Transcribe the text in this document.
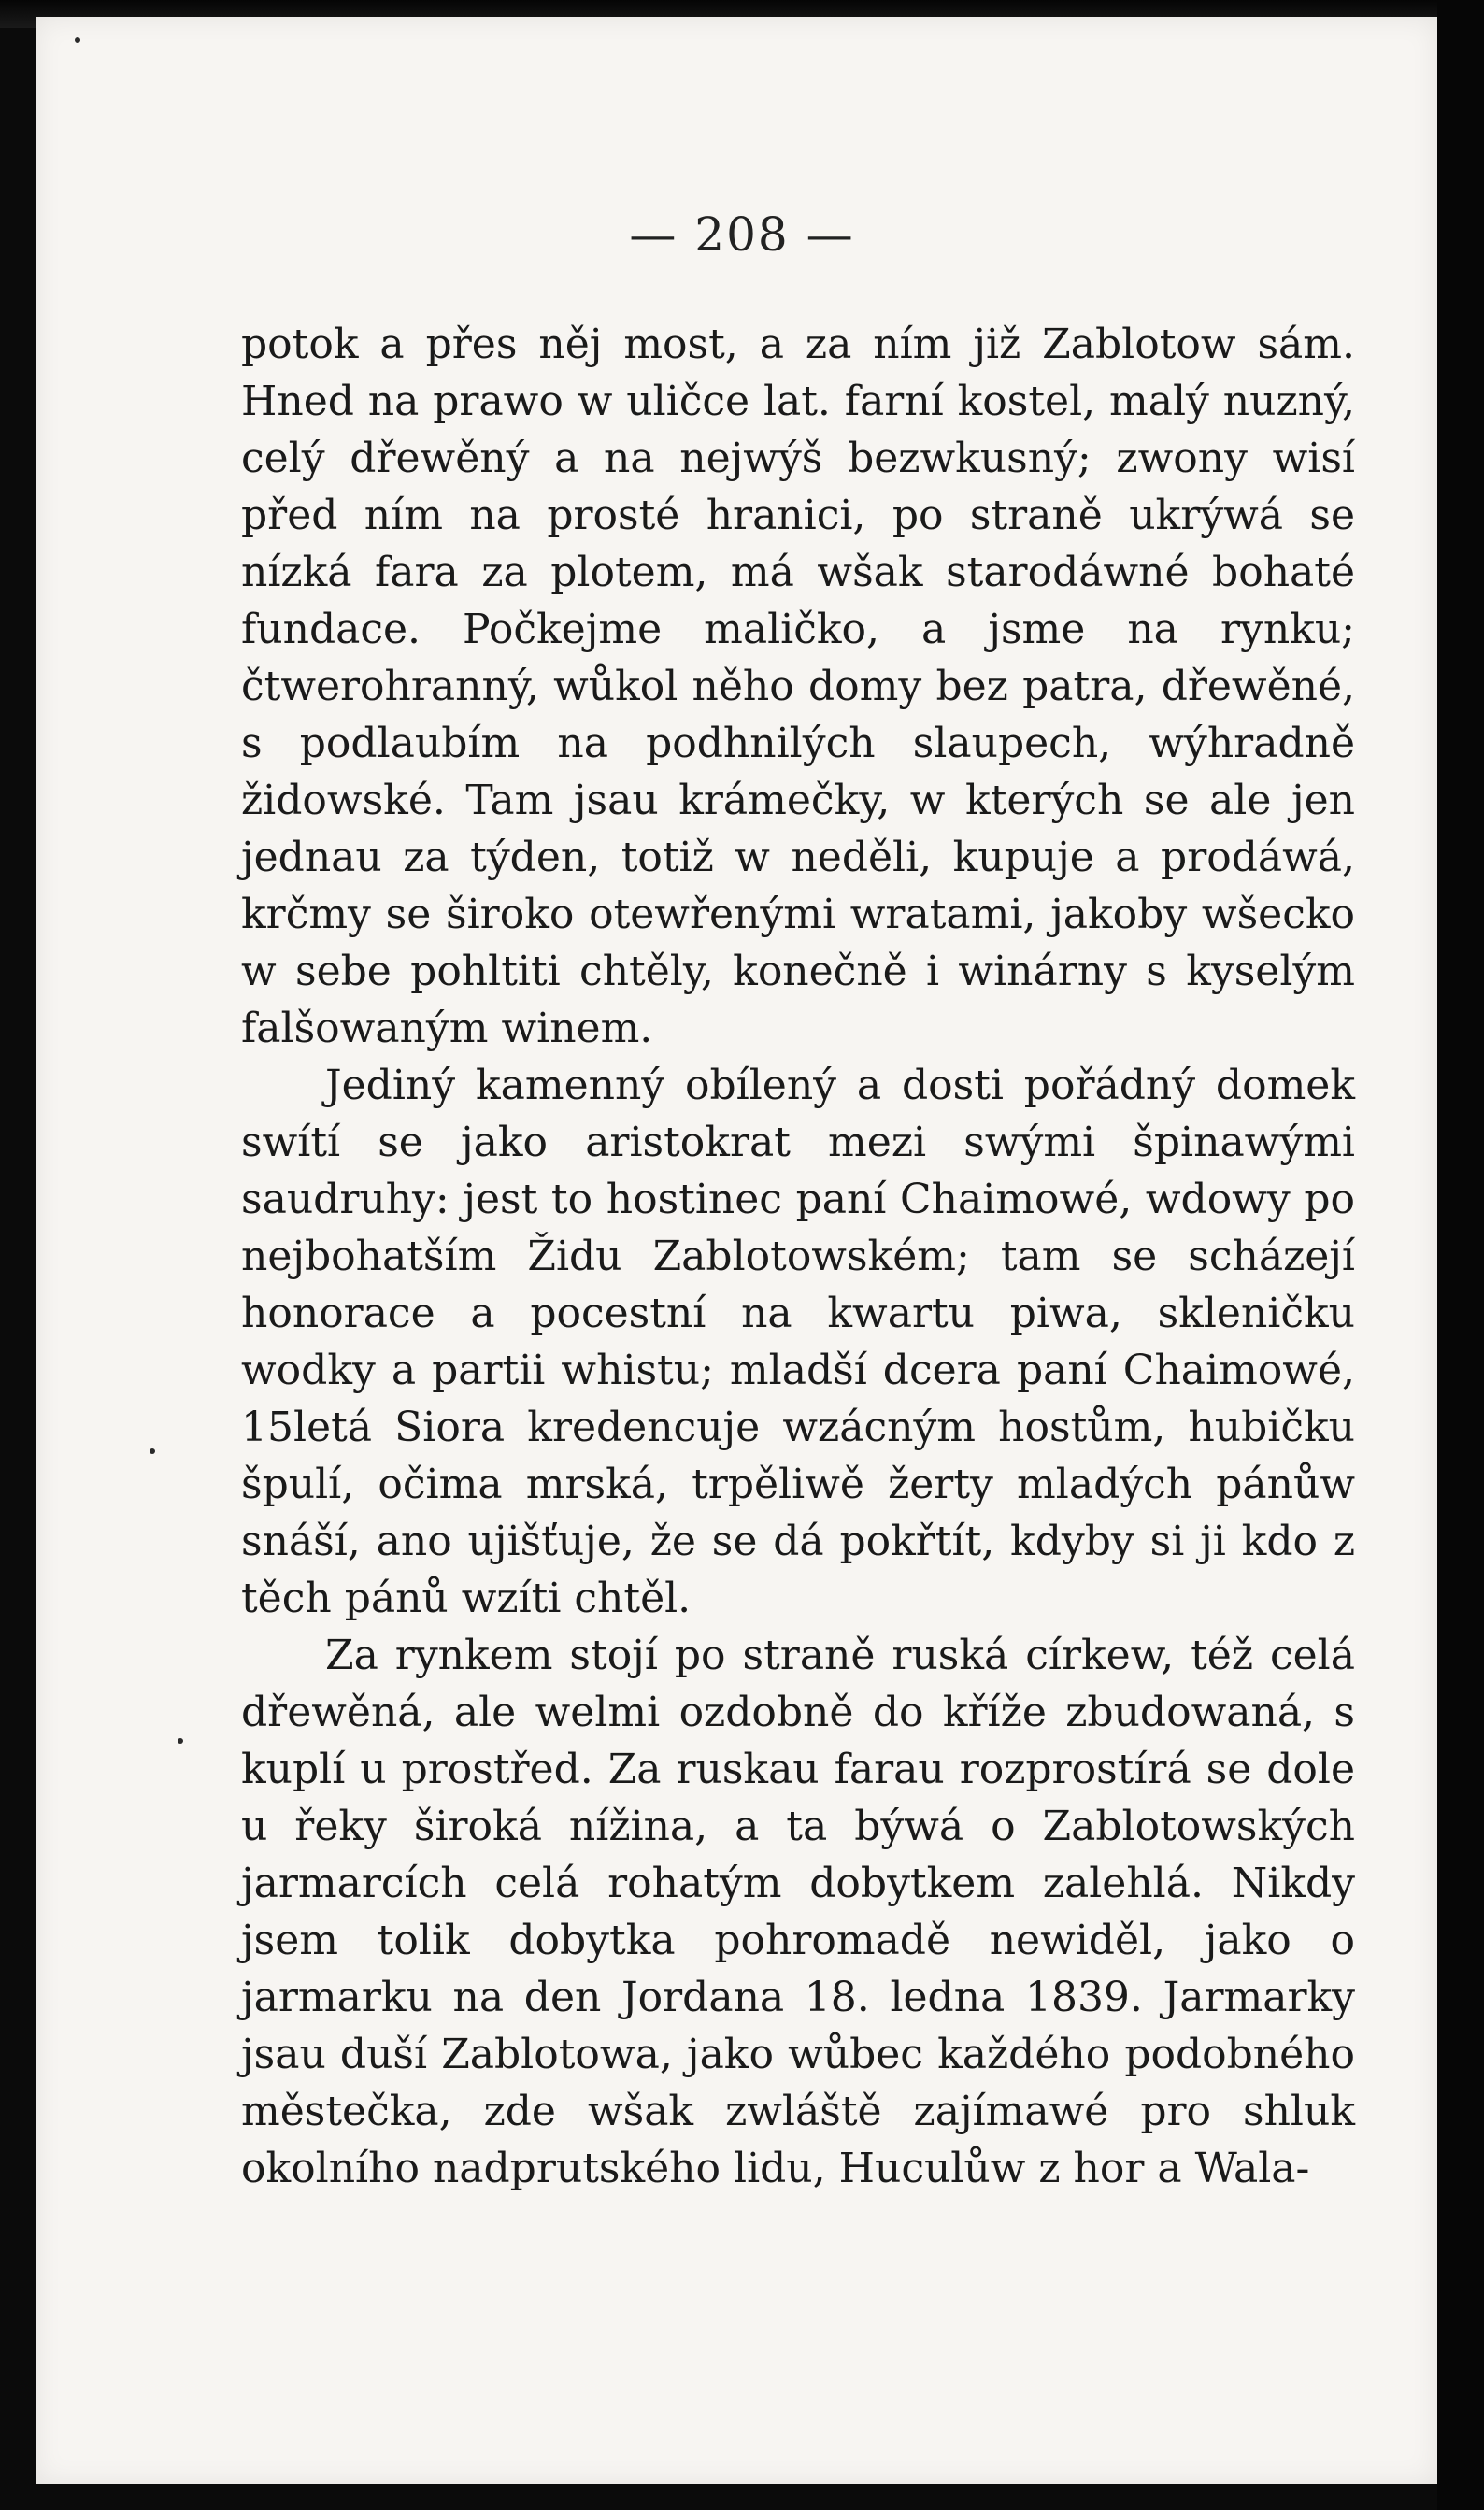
— 208 —

potok a přes něj most, a za ním již Zablotow sám. Hned na prawo w uličce lat. farní kostel, malý nuzný, celý dřewěný a na nejwýš bezwkusný; zwony wisí před ním na prosté hranici, po straně ukrýwá se nízká fara za plotem, má wšak starodáwné bohaté fundace. Počkejme maličko, a jsme na rynku; čtwerohranný, wůkol něho domy bez patra, dřewěné, s podlaubím na podhnilých slaupech, wýhradně židowské. Tam jsau krámečky, w kterých se ale jen jednau za týden, totiž w neděli, kupuje a prodáwá, krčmy se široko otewřenými wratami, jakoby wšecko w sebe pohltiti chtěly, konečně i winárny s kyselým falšowaným winem.

Jediný kamenný obílený a dosti pořádný domek swítí se jako aristokrat mezi swými špinawými saudruhy: jest to hostinec paní Chaimowé, wdowy po nejbohatším Židu Zablotowském; tam se scházejí honorace a pocestní na kwartu piwa, skleničku wodky a partii whistu; mladší dcera paní Chaimowé, 15letá Siora kredencuje wzácným hostům, hubičku špulí, očima mrská, trpěliwě žerty mladých pánůw snáší, ano ujišťuje, že se dá pokřtít, kdyby si ji kdo z těch pánů wzíti chtěl.

Za rynkem stojí po straně ruská církew, též celá dřewěná, ale welmi ozdobně do kříže zbudowaná, s kuplí u prostřed. Za ruskau farau rozprostírá se dole u řeky široká nížina, a ta býwá o Zablotowských jarmarcích celá rohatým dobytkem zalehlá. Nikdy jsem tolik dobytka pohromadě newiděl, jako o jarmarku na den Jordana 18. ledna 1839. Jarmarky jsau duší Zablotowa, jako wůbec každého podobného městečka, zde wšak zwláště zajímawé pro shluk okolního nadprutského lidu, Huculůw z hor a Wala-
